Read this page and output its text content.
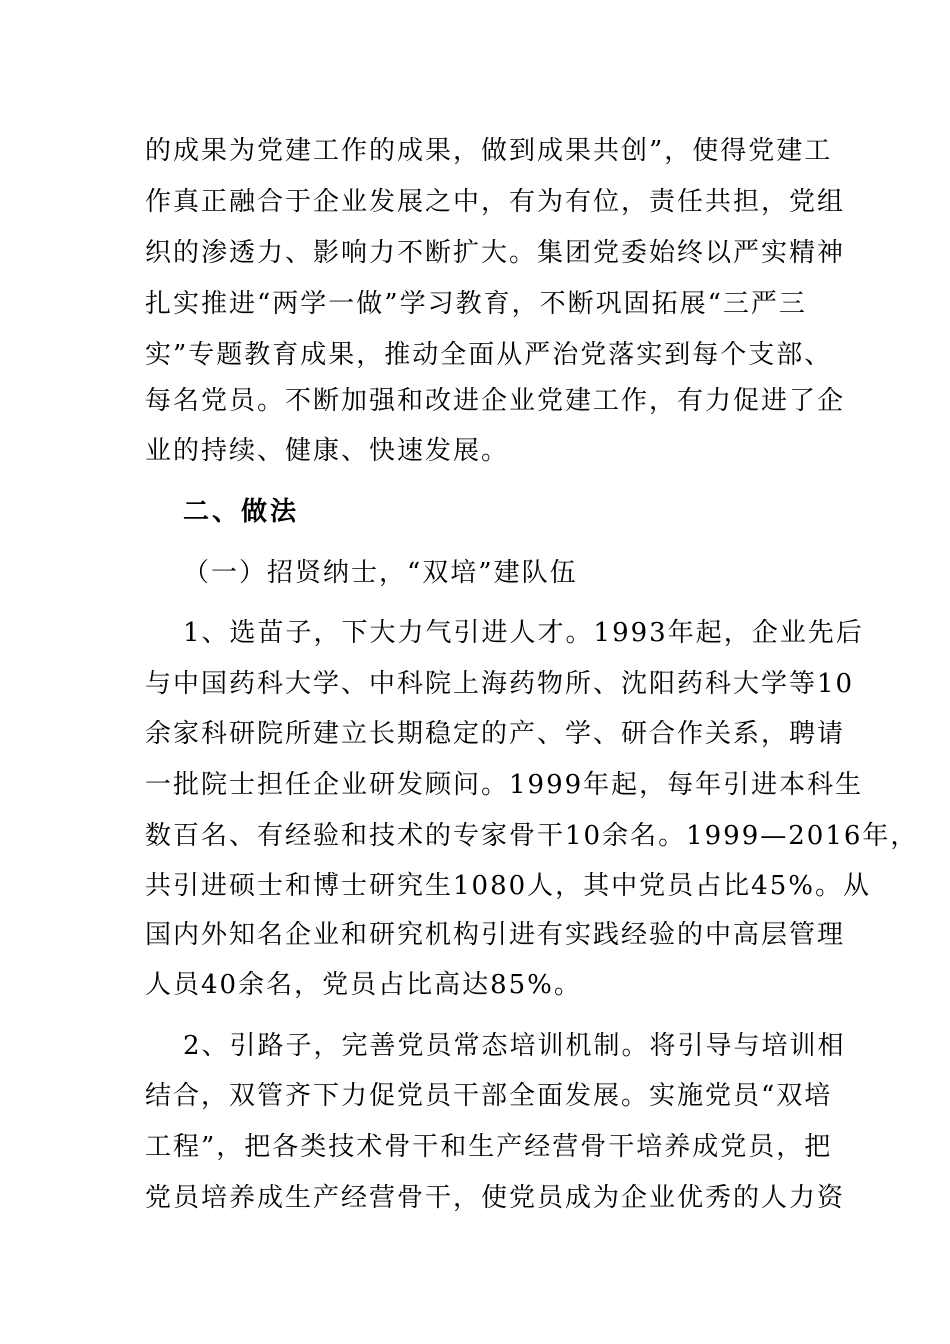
的成果为党建工作的成果，做到成果共创”，使得党建工
作真正融合于企业发展之中，有为有位，责任共担，党组
织的渗透力、影响力不断扩大。集团党委始终以严实精神
扎实推进“两学一做”学习教育，不断巩固拓展“三严三
实”专题教育成果，推动全面从严治党落实到每个支部、
每名党员。不断加强和改进企业党建工作，有力促进了企
业的持续、健康、快速发展。
二、做法
（一）招贤纳士，“双培”建队伍
1、选苗子，下大力气引进人才。1993年起，企业先后
与中国药科大学、中科院上海药物所、沈阳药科大学等10
余家科研院所建立长期稳定的产、学、研合作关系，聘请
一批院士担任企业研发顾问。1999年起，每年引进本科生
数百名、有经验和技术的专家骨干10余名。1999—2016年，
共引进硕士和博士研究生1080人，其中党员占比45%。从
国内外知名企业和研究机构引进有实践经验的中高层管理
人员40余名，党员占比高达85%。
2、引路子，完善党员常态培训机制。将引导与培训相
结合，双管齐下力促党员干部全面发展。实施党员“双培
工程”，把各类技术骨干和生产经营骨干培养成党员，把
党员培养成生产经营骨干，使党员成为企业优秀的人力资
